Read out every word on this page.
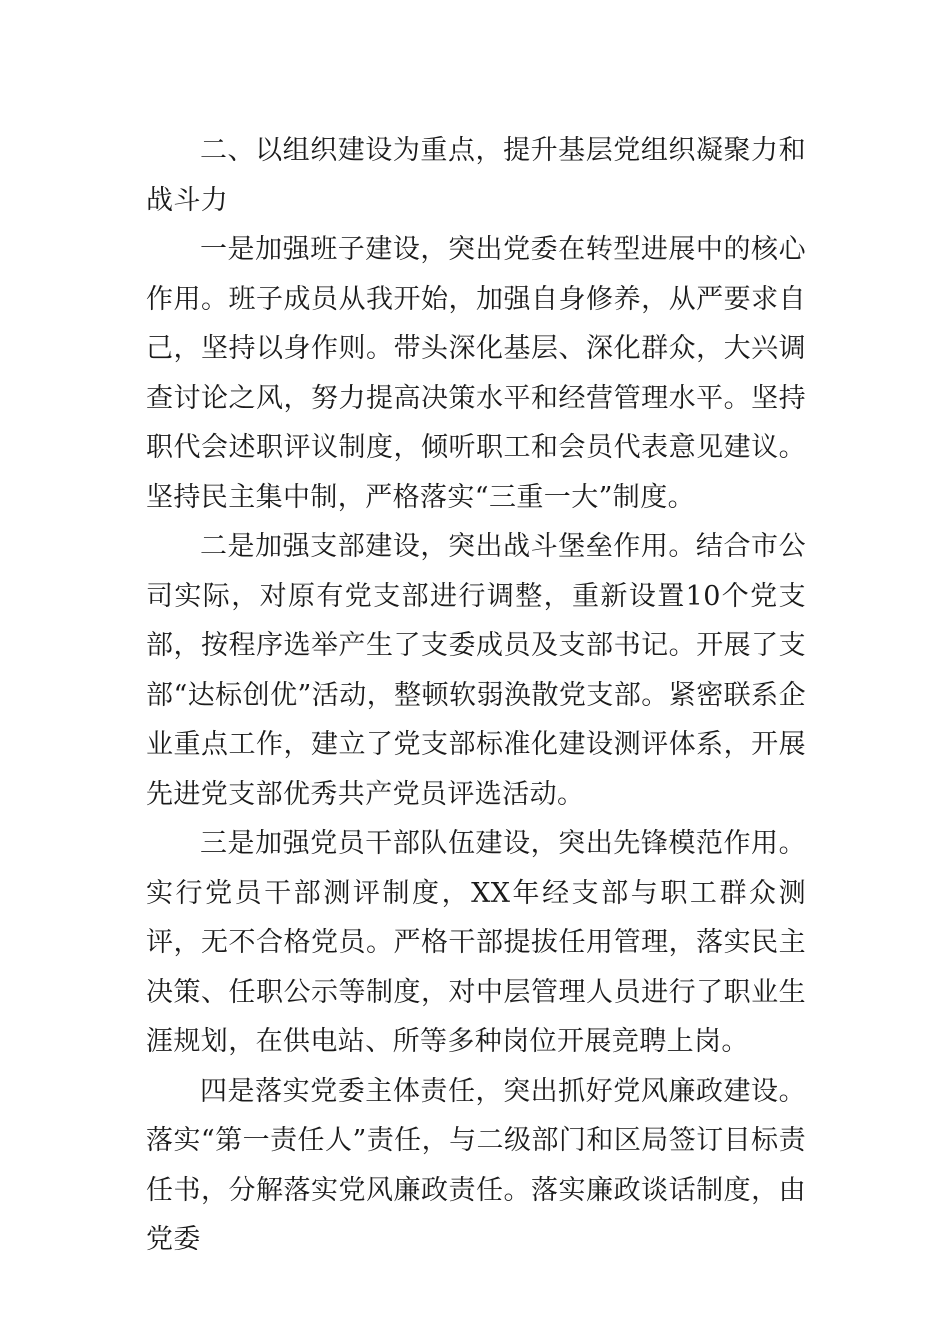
二、以组织建设为重点，提升基层党组织凝聚力和战斗力

一是加强班子建设，突出党委在转型进展中的核心作用。班子成员从我开始，加强自身修养，从严要求自己，坚持以身作则。带头深化基层、深化群众，大兴调查讨论之风，努力提高决策水平和经营管理水平。坚持职代会述职评议制度，倾听职工和会员代表意见建议。坚持民主集中制，严格落实“三重一大”制度。

二是加强支部建设，突出战斗堡垒作用。结合市公司实际，对原有党支部进行调整，重新设置10个党支部，按程序选举产生了支委成员及支部书记。开展了支部“达标创优”活动，整顿软弱涣散党支部。紧密联系企业重点工作，建立了党支部标准化建设测评体系，开展先进党支部优秀共产党员评选活动。

三是加强党员干部队伍建设，突出先锋模范作用。实行党员干部测评制度，XX年经支部与职工群众测评，无不合格党员。严格干部提拔任用管理，落实民主决策、任职公示等制度，对中层管理人员进行了职业生涯规划，在供电站、所等多种岗位开展竞聘上岗。

四是落实党委主体责任，突出抓好党风廉政建设。落实“第一责任人”责任，与二级部门和区局签订目标责任书，分解落实党风廉政责任。落实廉政谈话制度，由党委
